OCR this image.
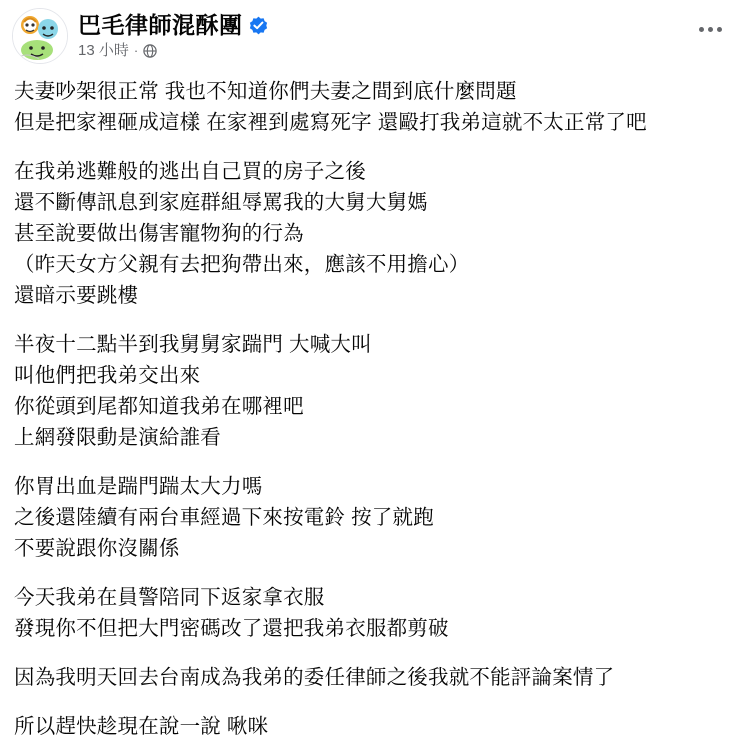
巴毛律師混酥團
13 小時 ·
夫妻吵架很正常 我也不知道你們夫妻之間到底什麼問題
但是把家裡砸成這樣 在家裡到處寫死字 還毆打我弟這就不太正常了吧
在我弟逃難般的逃出自己買的房子之後
還不斷傳訊息到家庭群組辱罵我的大舅大舅媽
甚至說要做出傷害寵物狗的行為
（昨天女方父親有去把狗帶出來，應該不用擔心）
還暗示要跳樓
半夜十二點半到我舅舅家踹門 大喊大叫
叫他們把我弟交出來
你從頭到尾都知道我弟在哪裡吧
上網發限動是演給誰看
你胃出血是踹門踹太大力嗎
之後還陸續有兩台車經過下來按電鈴 按了就跑
不要說跟你沒關係
今天我弟在員警陪同下返家拿衣服
發現你不但把大門密碼改了還把我弟衣服都剪破
因為我明天回去台南成為我弟的委任律師之後我就不能評論案情了
所以趕快趁現在說一說 啾咪
